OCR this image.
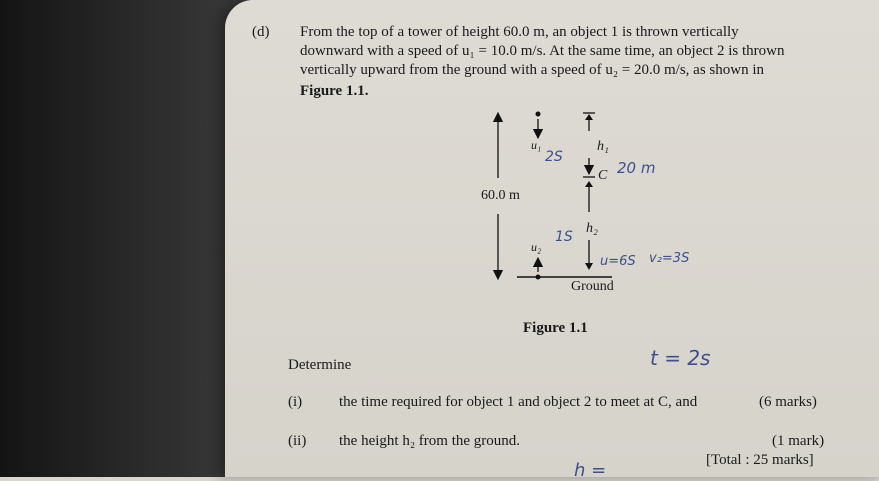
(d) From the top of a tower of height 60.0 m, an object 1 is thrown vertically
downward with a speed of u₁ = 10.0 m/s. At the same time, an object 2 is thrown
vertically upward from the ground with a speed of u₂ = 20.0 m/s, as shown in
Figure 1.1.
60.0 m
u₁	h₁
C
h₂
u₂
Ground
Figure 1.1
2S
20 m
1S
u=6S v₂=3S
t = 2s
h =
Determine
(i) the time required for object 1 and object 2 to meet at C, and	(6 marks)
(ii) the height h₂ from the ground.	(1 mark)
[Total : 25 marks]
